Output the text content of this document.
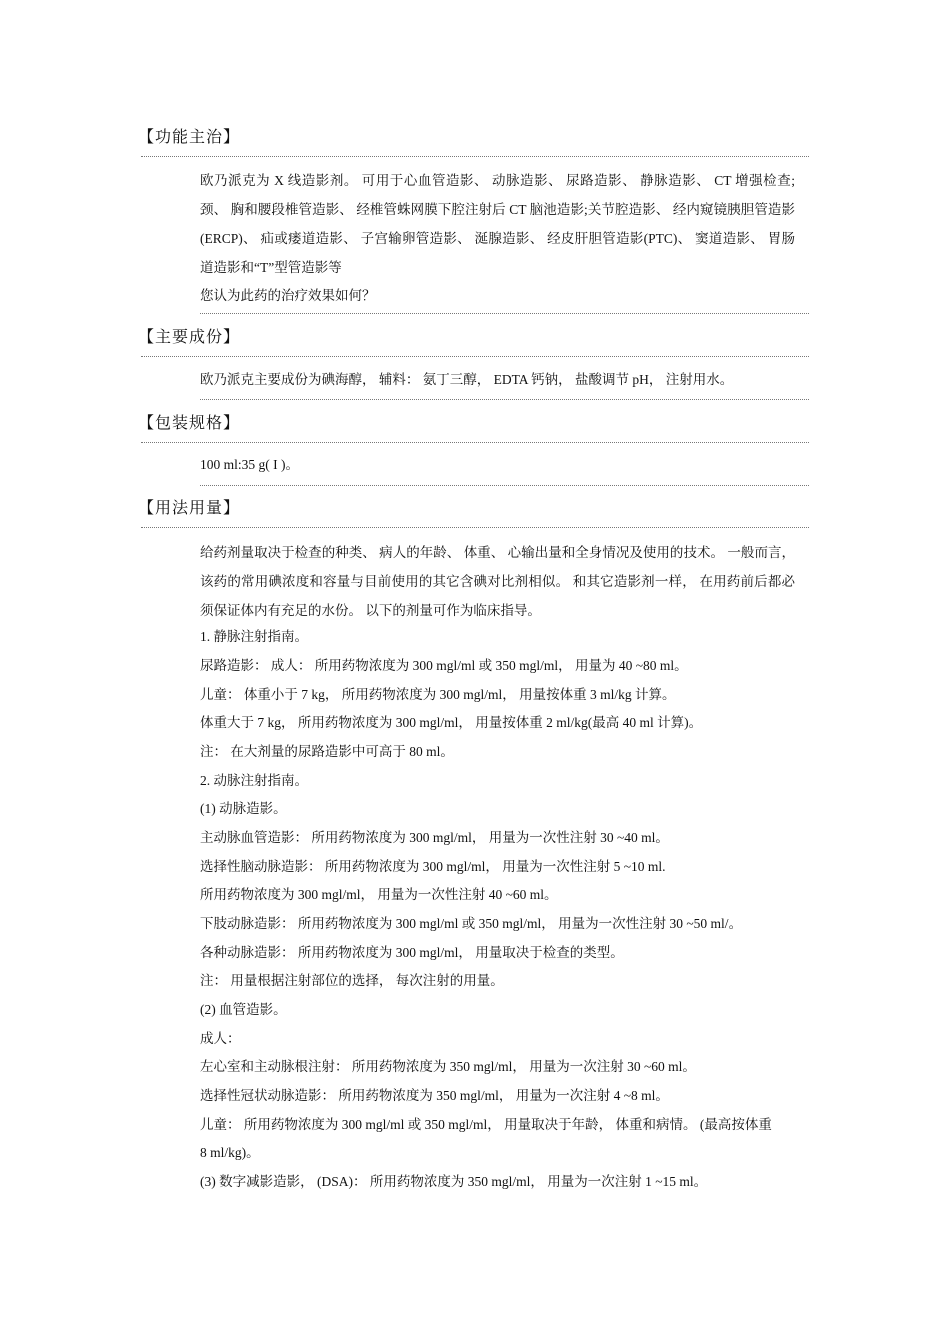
【功能主治】
欧乃派克为 X 线造影剂。 可用于心血管造影、 动脉造影、 尿路造影、 静脉造影、 CT 增强检查;颈、 胸和腰段椎管造影、 经椎管蛛网膜下腔注射后 CT 脑池造影;关节腔造影、 经内窥镜胰胆管造影 (ERCP)、 疝或瘘道造影、 子宫输卵管造影、 涎腺造影、 经皮肝胆管造影(PTC)、 窦道造影、 胃肠道造影和“T”型管造影等
您认为此药的治疗效果如何？
【主要成份】
欧乃派克主要成份为碘海醇， 辅料： 氨丁三醇， EDTA 钙钠， 盐酸调节 pH， 注射用水。
【包装规格】
100 ml:35 g( I )。
【用法用量】
给药剂量取决于检查的种类、 病人的年龄、 体重、 心输出量和全身情况及使用的技术。 一般而言， 该药的常用碘浓度和容量与目前使用的其它含碘对比剂相似。 和其它造影剂一样， 在用药前后都必须保证体内有充足的水份。 以下的剂量可作为临床指导。
1. 静脉注射指南。
尿路造影： 成人： 所用药物浓度为 300 mgl/ml 或 350 mgl/ml， 用量为 40 ~80 ml。
儿童： 体重小于 7 kg， 所用药物浓度为 300 mgl/ml， 用量按体重 3 ml/kg 计算。
体重大于 7 kg， 所用药物浓度为 300 mgl/ml， 用量按体重 2 ml/kg(最高 40 ml 计算)。
注： 在大剂量的尿路造影中可高于 80 ml。
2. 动脉注射指南。
(1) 动脉造影。
主动脉血管造影： 所用药物浓度为 300 mgl/ml， 用量为一次性注射 30 ~40 ml。
选择性脑动脉造影： 所用药物浓度为 300 mgl/ml， 用量为一次性注射 5 ~10 ml.
所用药物浓度为 300 mgl/ml， 用量为一次性注射 40 ~60 ml。
下肢动脉造影： 所用药物浓度为 300 mgl/ml 或 350 mgl/ml， 用量为一次性注射 30 ~50 ml/。
各种动脉造影： 所用药物浓度为 300 mgl/ml， 用量取决于检查的类型。
注： 用量根据注射部位的选择， 每次注射的用量。
(2) 血管造影。
成人：
左心室和主动脉根注射： 所用药物浓度为 350 mgl/ml， 用量为一次注射 30 ~60 ml。
选择性冠状动脉造影： 所用药物浓度为 350 mgl/ml， 用量为一次注射 4 ~8 ml。
儿童： 所用药物浓度为 300 mgl/ml 或 350 mgl/ml， 用量取决于年龄， 体重和病情。 (最高按体重
8 ml/kg)。
(3) 数字减影造影， (DSA)： 所用药物浓度为 350 mgl/ml， 用量为一次注射 1 ~15 ml。
